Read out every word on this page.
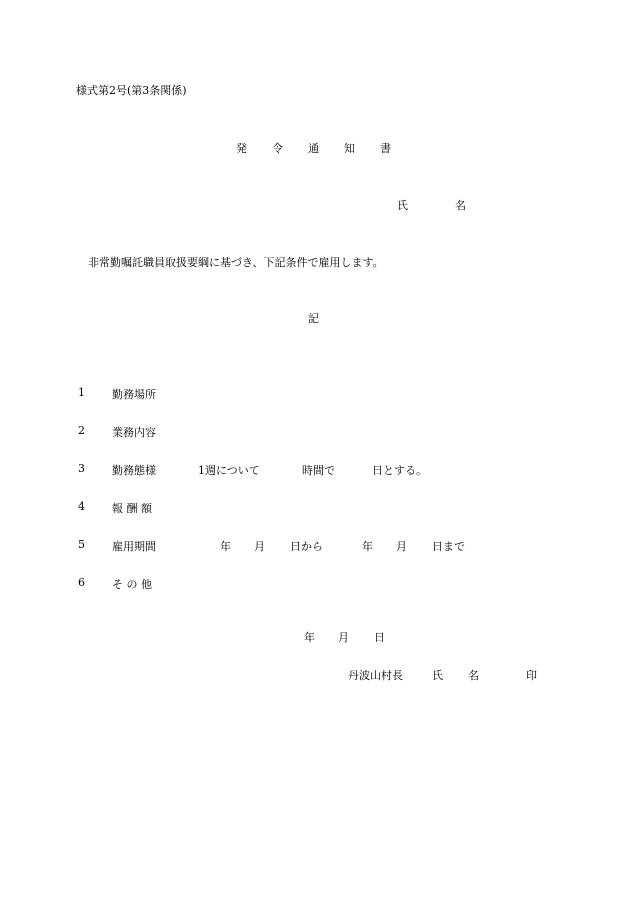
様式第2号(第3条関係)
発 令 通 知 書
氏	名
非常勤嘱託職員取扱要綱に基づき、下記条件で雇用します。
記
1 勤務場所
2 業務内容
3 勤務態様	1週について	時間で	日とする。
4 報 酬 額
5 雇用期間	年 月 日から	年 月 日まで
6 そ の 他
年 月 日
丹波山村長	氏 名	印
